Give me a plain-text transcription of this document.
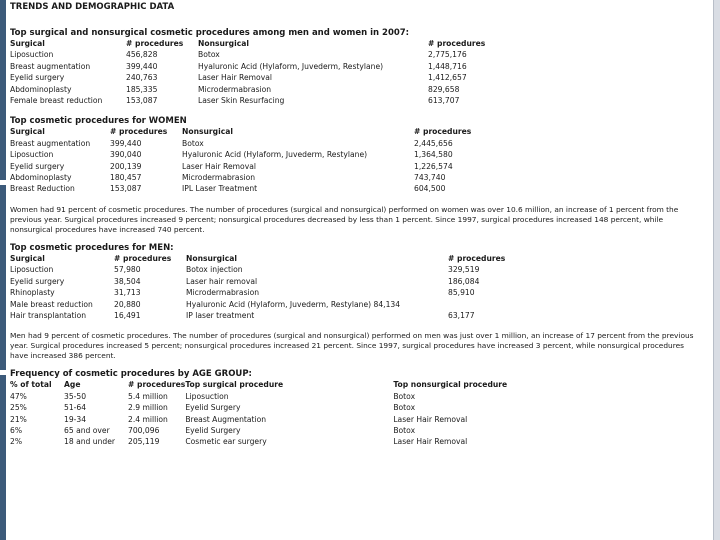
TRENDS AND DEMOGRAPHIC DATA
Top surgical and nonsurgical cosmetic procedures among men and women in 2007:
Surgical	# procedures	Nonsurgical	# procedures
Liposuction	456,828	Botox	2,775,176
Breast augmentation	399,440	Hyaluronic Acid (Hylaform, Juvederm, Restylane)	1,448,716
Eyelid surgery	240,763	Laser Hair Removal	1,412,657
Abdominoplasty	185,335	Microdermabrasion	829,658
Female breast reduction	153,087	Laser Skin Resurfacing	613,707
Top cosmetic procedures for WOMEN
Surgical	# procedures	Nonsurgical	# procedures
Breast augmentation	399,440	Botox	2,445,656
Liposuction	390,040	Hyaluronic Acid (Hylaform, Juvederm, Restylane)	1,364,580
Eyelid surgery	200,139	Laser Hair Removal	1,226,574
Abdominoplasty	180,457	Microdermabrasion	743,740
Breast Reduction	153,087	IPL Laser Treatment	604,500

Women had 91 percent of cosmetic procedures. The number of procedures (surgical and nonsurgical) performed on women was over 10.6 million, an increase of 1 percent from the previous year. Surgical procedures increased 9 percent; nonsurgical procedures decreased by less than 1 percent. Since 1997, surgical procedures increased 148 percent, while nonsurgical procedures have increased 740 percent.

Top cosmetic procedures for MEN:
Surgical	# procedures	Nonsurgical	# procedures
Liposuction	57,980	Botox injection	329,519
Eyelid surgery	38,504	Laser hair removal	186,084
Rhinoplasty	31,713	Microdermabrasion	85,910
Male breast reduction	20,880	Hyaluronic Acid (Hylaform, Juvederm, Restylane) 84,134	
Hair transplantation	16,491	IP laser treatment	63,177

Men had 9 percent of cosmetic procedures. The number of procedures (surgical and nonsurgical) performed on men was just over 1 million, an increase of 17 percent from the previous year. Surgical procedures increased 5 percent; nonsurgical procedures increased 21 percent. Since 1997, surgical procedures have increased 3 percent, while nonsurgical procedures have increased 386 percent.

Frequency of cosmetic procedures by AGE GROUP:
% of total	Age	# procedures	Top surgical procedure	Top nonsurgical procedure
47%	35-50	5.4 million	Liposuction	Botox
25%	51-64	2.9 million	Eyelid Surgery	Botox
21%	19-34	2.4 million	Breast Augmentation	Laser Hair Removal
6%	65 and over	700,096	Eyelid Surgery	Botox
2%	18 and under	205,119	Cosmetic ear surgery	Laser Hair Removal
